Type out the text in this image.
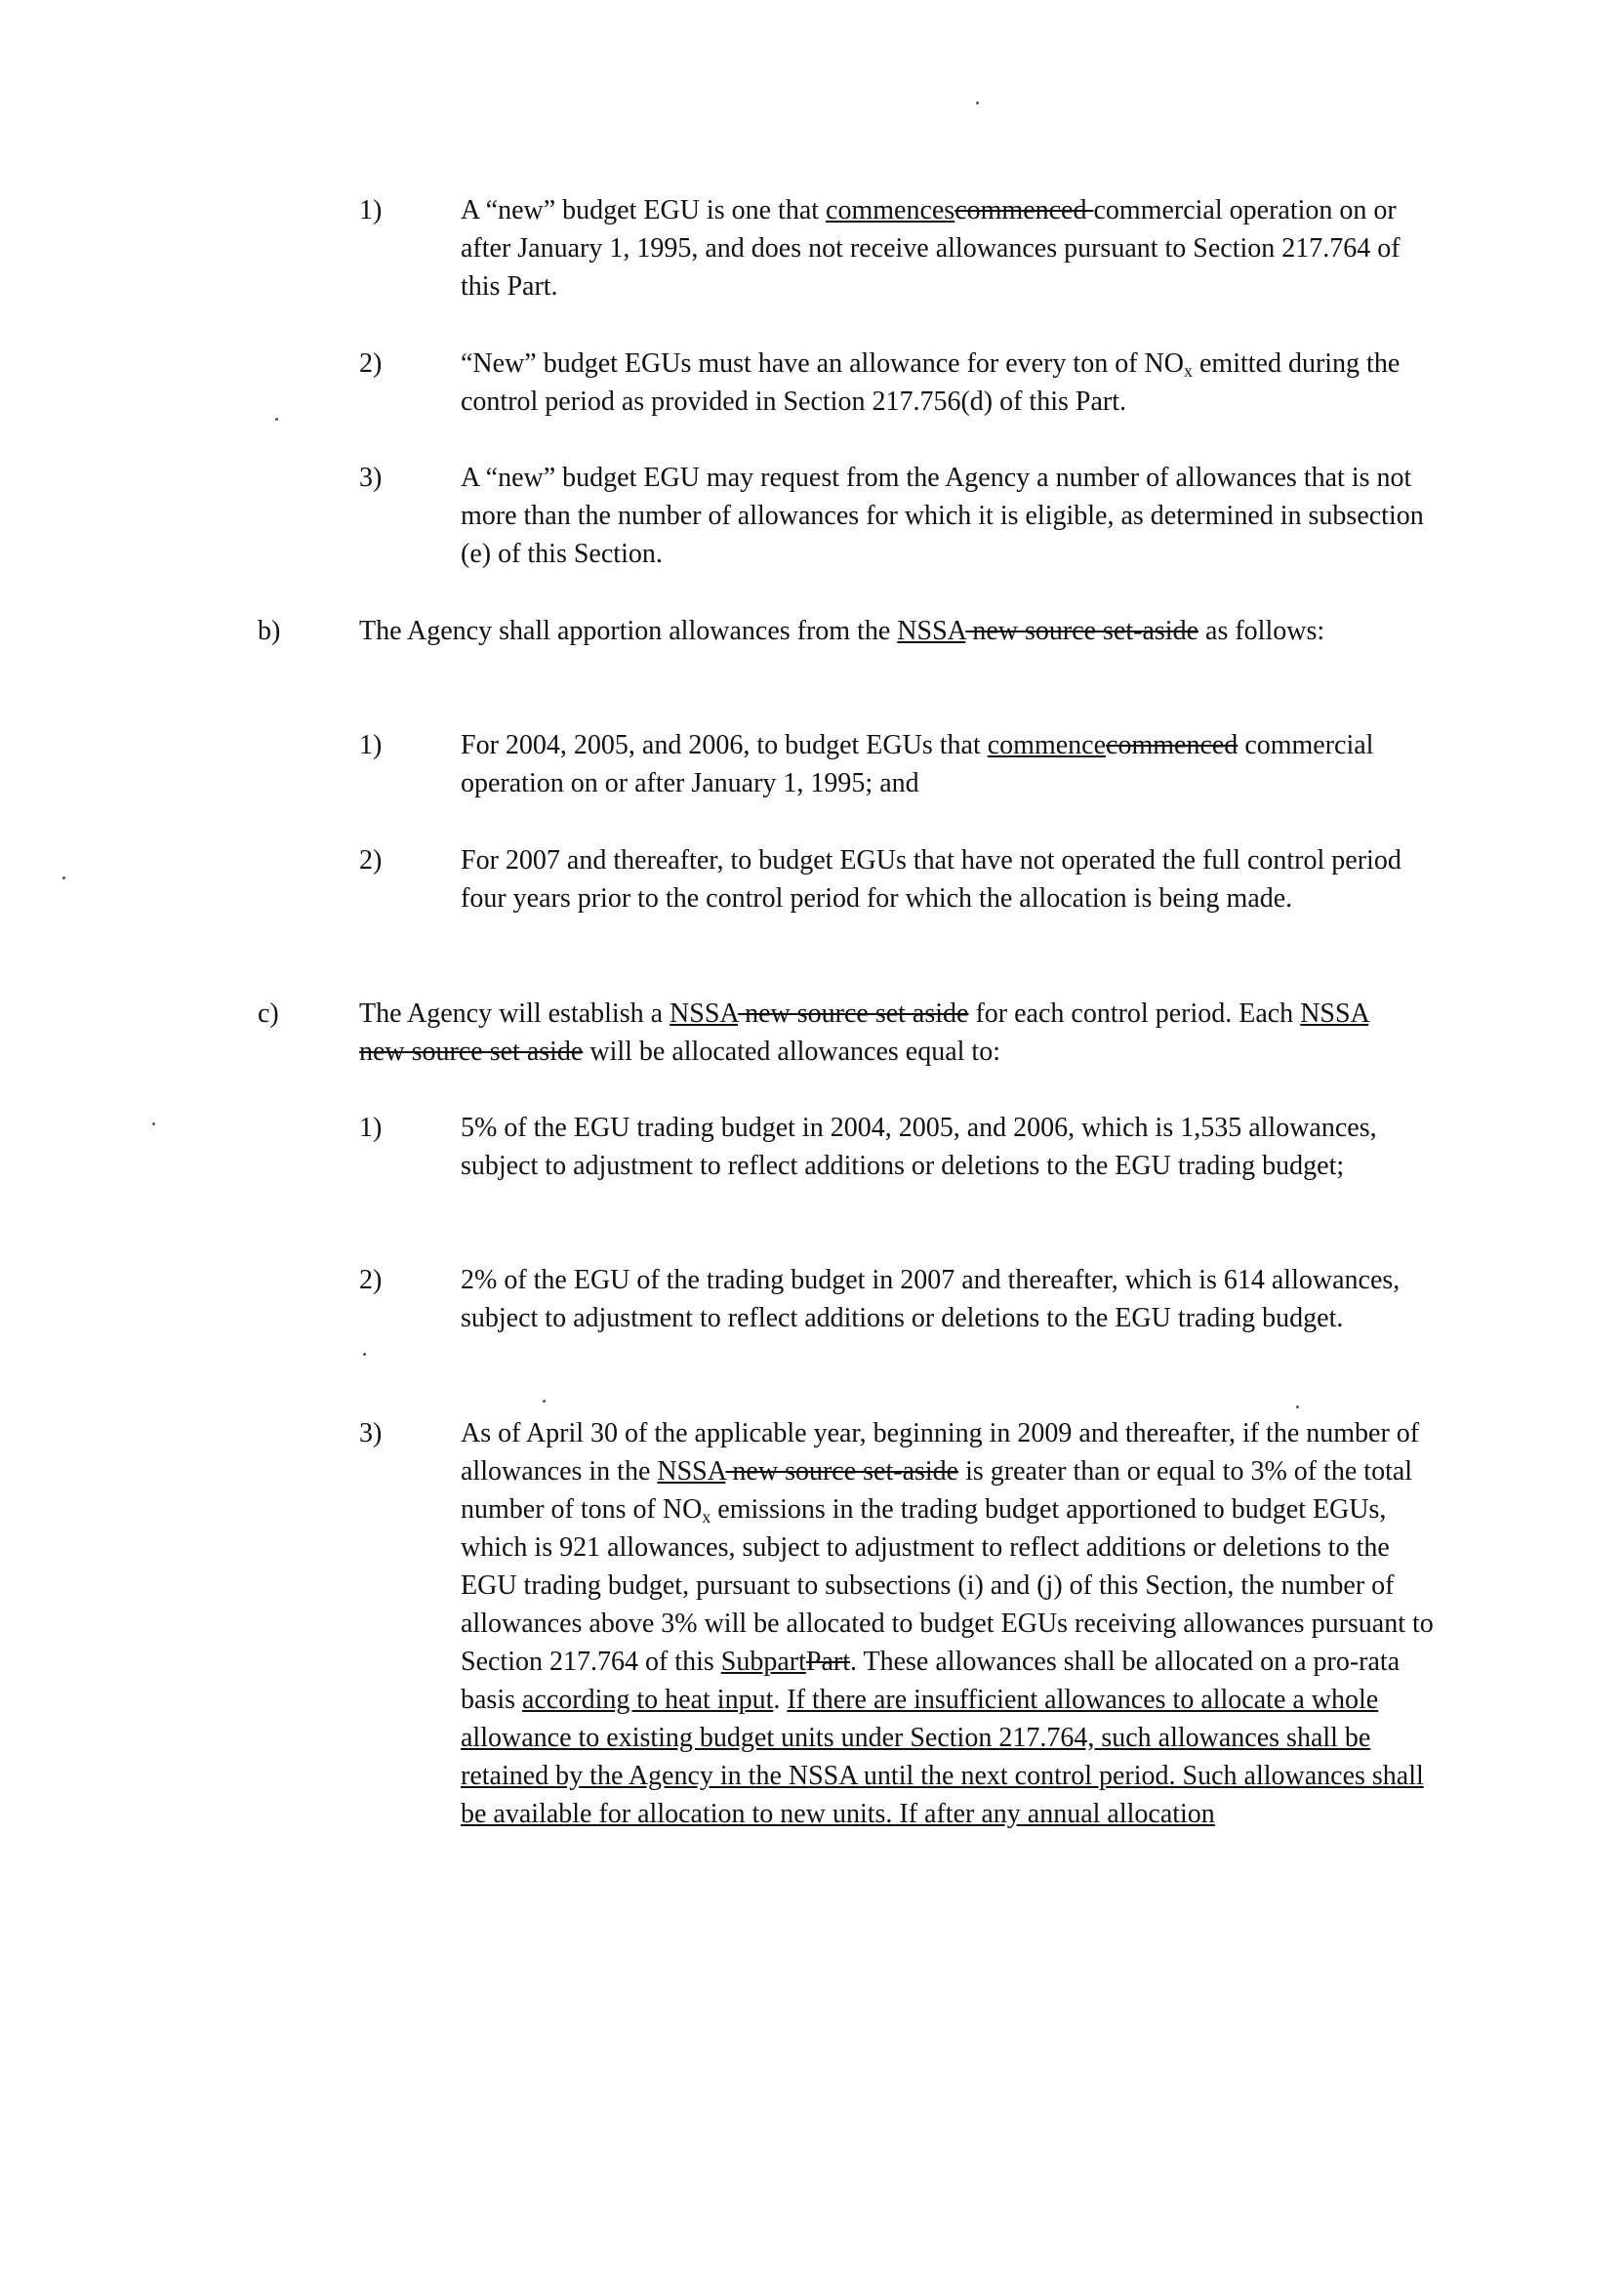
1)	A “new” budget EGU is one that commencescommenced commercial operation on or after January 1, 1995, and does not receive allowances pursuant to Section 217.764 of this Part.
2)	“New” budget EGUs must have an allowance for every ton of $NO_x$ emitted during the control period as provided in Section 217.756(d) of this Part.
3)	A “new” budget EGU may request from the Agency a number of allowances that is not more than the number of allowances for which it is eligible, as determined in subsection (e) of this Section.
b)	The Agency shall apportion allowances from the NSSA new source set-aside as follows:
1)	For 2004, 2005, and 2006, to budget EGUs that commencecommenced commercial operation on or after January 1, 1995; and
2)	For 2007 and thereafter, to budget EGUs that have not operated the full control period four years prior to the control period for which the allocation is being made.
c)	The Agency will establish a NSSA new source set aside for each control period. Each NSSA new source set aside will be allocated allowances equal to:
1)	5% of the EGU trading budget in 2004, 2005, and 2006, which is 1,535 allowances, subject to adjustment to reflect additions or deletions to the EGU trading budget;
2)	2% of the EGU of the trading budget in 2007 and thereafter, which is 614 allowances, subject to adjustment to reflect additions or deletions to the EGU trading budget.
3)	As of April 30 of the applicable year, beginning in 2009 and thereafter, if the number of allowances in the NSSA new source set-aside is greater than or equal to 3% of the total number of tons of $NO_x$ emissions in the trading budget apportioned to budget EGUs, which is 921 allowances, subject to adjustment to reflect additions or deletions to the EGU trading budget, pursuant to subsections (i) and (j) of this Section, the number of allowances above 3% will be allocated to budget EGUs receiving allowances pursuant to Section 217.764 of this SubpartPart. These allowances shall be allocated on a pro-rata basis according to heat input. If there are insufficient allowances to allocate a whole allowance to existing budget units under Section 217.764, such allowances shall be retained by the Agency in the NSSA until the next control period. Such allowances shall be available for allocation to new units. If after any annual allocation
